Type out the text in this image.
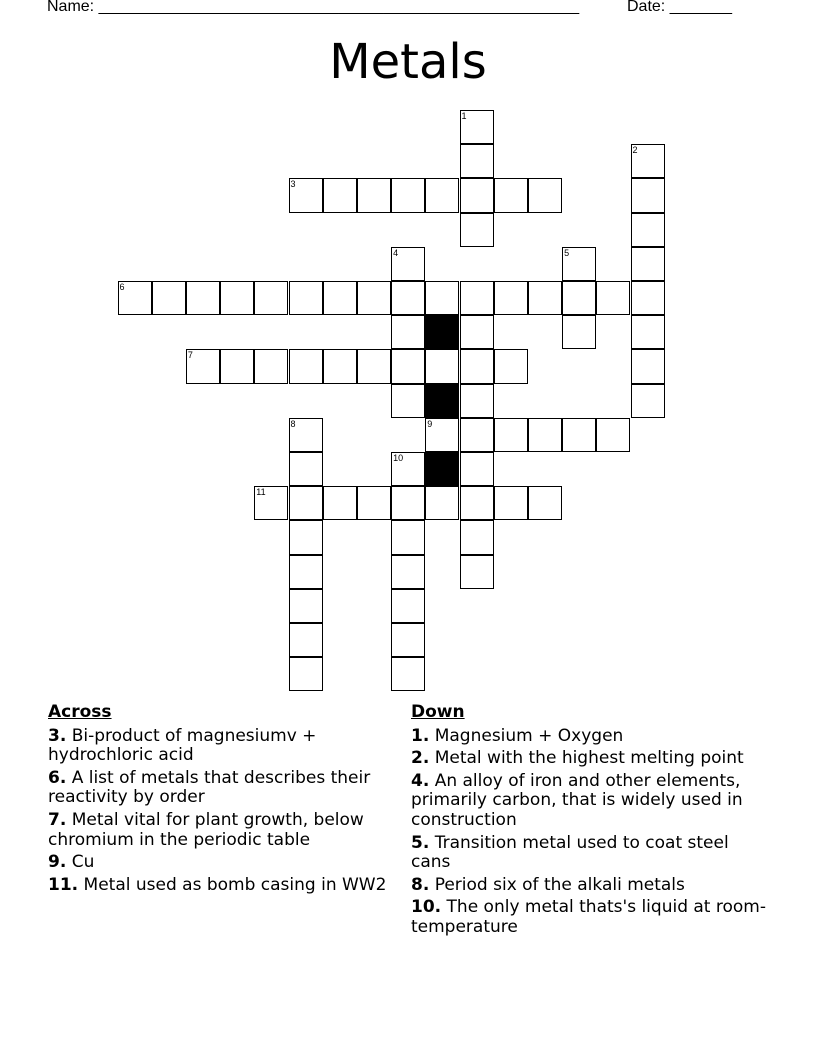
Name: ______________________________________________________	Date: _______
Metals
1
3
2
4	5
6
7
8	9
10
11
Across
3. Bi-product of magnesiumv + hydrochloric acid
6. A list of metals that describes their reactivity by order
7. Metal vital for plant growth, below chromium in the periodic table
9. Cu
11. Metal used as bomb casing in WW2
Down
1. Magnesium + Oxygen
2. Metal with the highest melting point
4. An alloy of iron and other elements, primarily carbon, that is widely used in construction
5. Transition metal used to coat steel cans
8. Period six of the alkali metals
10. The only metal thats's liquid at room-temperature
